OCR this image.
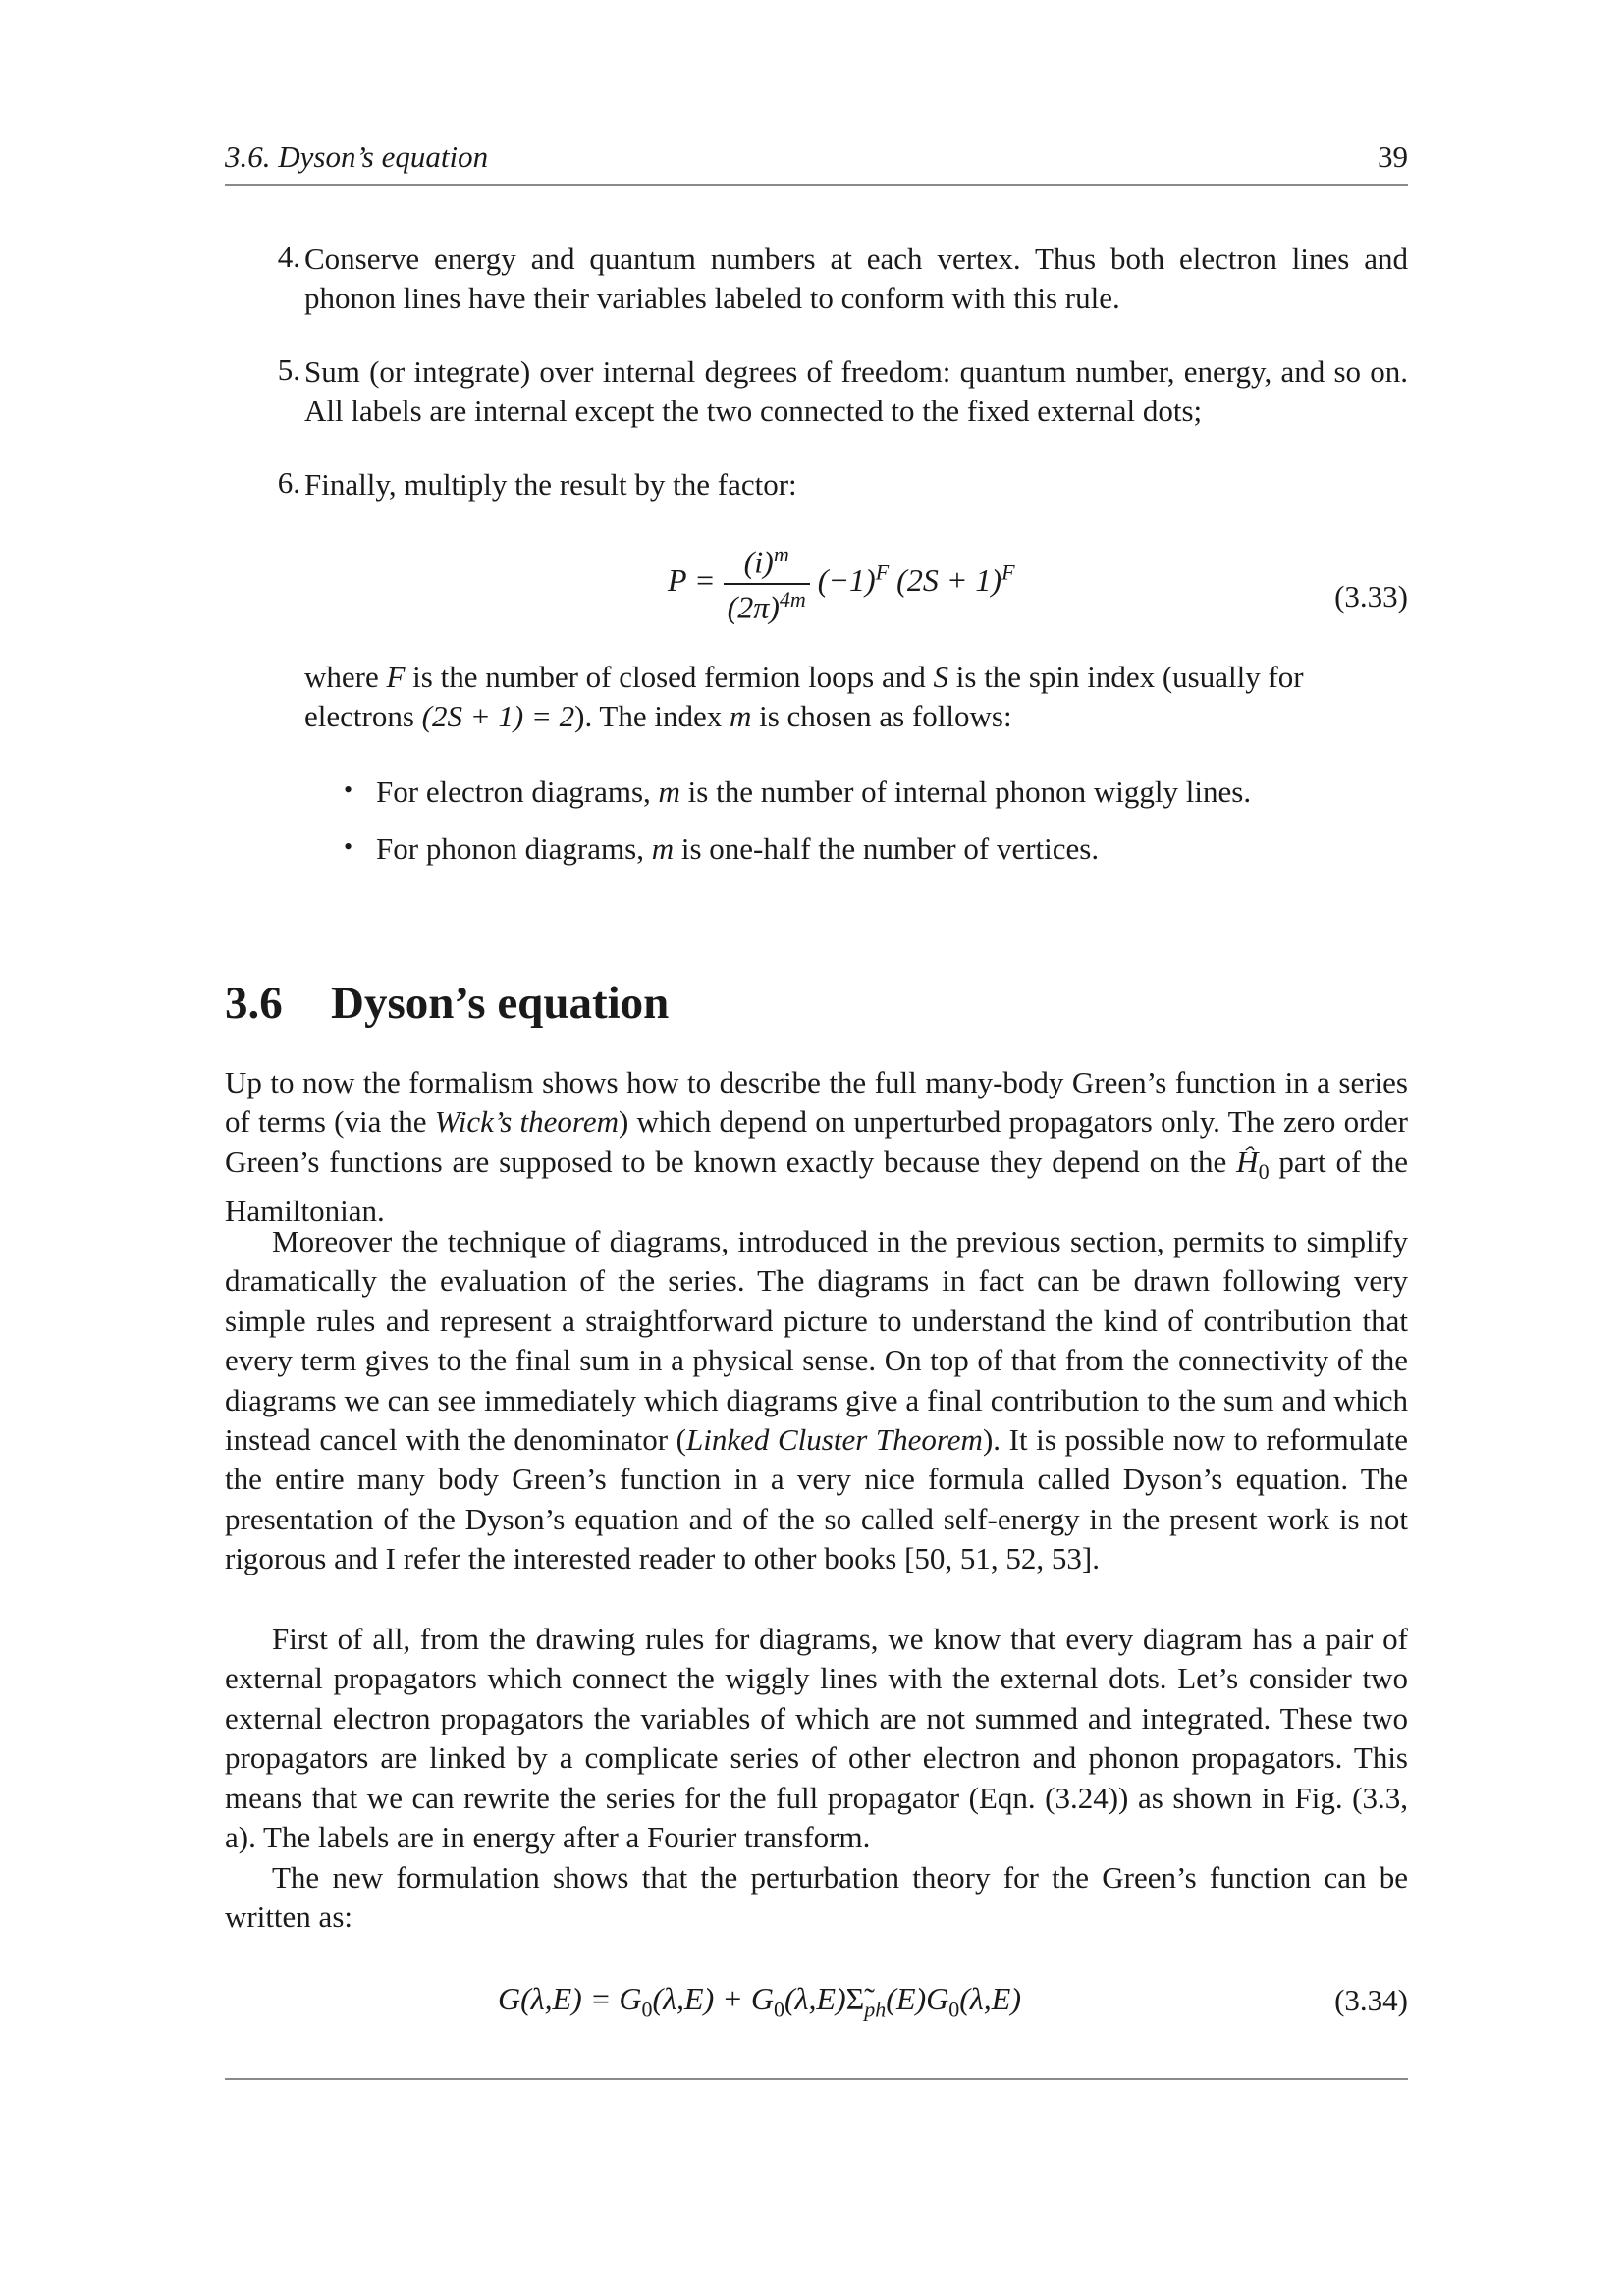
3.6. Dyson’s equation	39
4. Conserve energy and quantum numbers at each vertex. Thus both electron lines and phonon lines have their variables labeled to conform with this rule.
5. Sum (or integrate) over internal degrees of freedom: quantum number, energy, and so on. All labels are internal except the two connected to the fixed external dots;
6. Finally, multiply the result by the factor:
$P = \frac{(i)^m}{(2\pi)^{4m}} (-1)^F$ $(2S + 1)^F$
(3.33)
where F is the number of closed fermion loops and S is the spin index (usually for
electrons (2S + 1) = 2). The index m is chosen as follows:
• For electron diagrams, m is the number of internal phonon wiggly lines.
• For phonon diagrams, m is one-half the number of vertices.
3.6 Dyson’s equation

Up to now the formalism shows how to describe the full many-body Green’s function in a series of terms (via the Wick’s theorem) which depend on unperturbed propagators only. The zero order Green’s functions are supposed to be known exactly because they depend on the $Ĥ_0$ part of the Hamiltonian.

Moreover the technique of diagrams, introduced in the previous section, permits to simplify dramatically the evaluation of the series. The diagrams in fact can be drawn following very simple rules and represent a straightforward picture to understand the kind of contribution that every term gives to the final sum in a physical sense. On top of that from the connectivity of the diagrams we can see immediately which diagrams give a final contribution to the sum and which instead cancel with the denominator (Linked Cluster Theorem). It is possible now to reformulate the entire many body Green’s function in a very nice formula called Dyson’s equation. The presentation of the Dyson’s equation and of the so called self-energy in the present work is not rigorous and I refer the interested reader to other books [50, 51, 52, 53].

First of all, from the drawing rules for diagrams, we know that every diagram has a pair of external propagators which connect the wiggly lines with the external dots. Let’s consider two external electron propagators the variables of which are not summed and integrated. These two propagators are linked by a complicate series of other electron and phonon propagators. This means that we can rewrite the series for the full propagator (Eqn. (3.24)) as shown in Fig. (3.3, a). The labels are in energy after a Fourier transform.

The new formulation shows that the perturbation theory for the Green’s function can be written as:

$G(\lambda,E) = G_0(\lambda,E)$ + $G_0(\lambda,E)\Sigmã_{ph}(E)G_0(\lambda,E)$	(3.34)
